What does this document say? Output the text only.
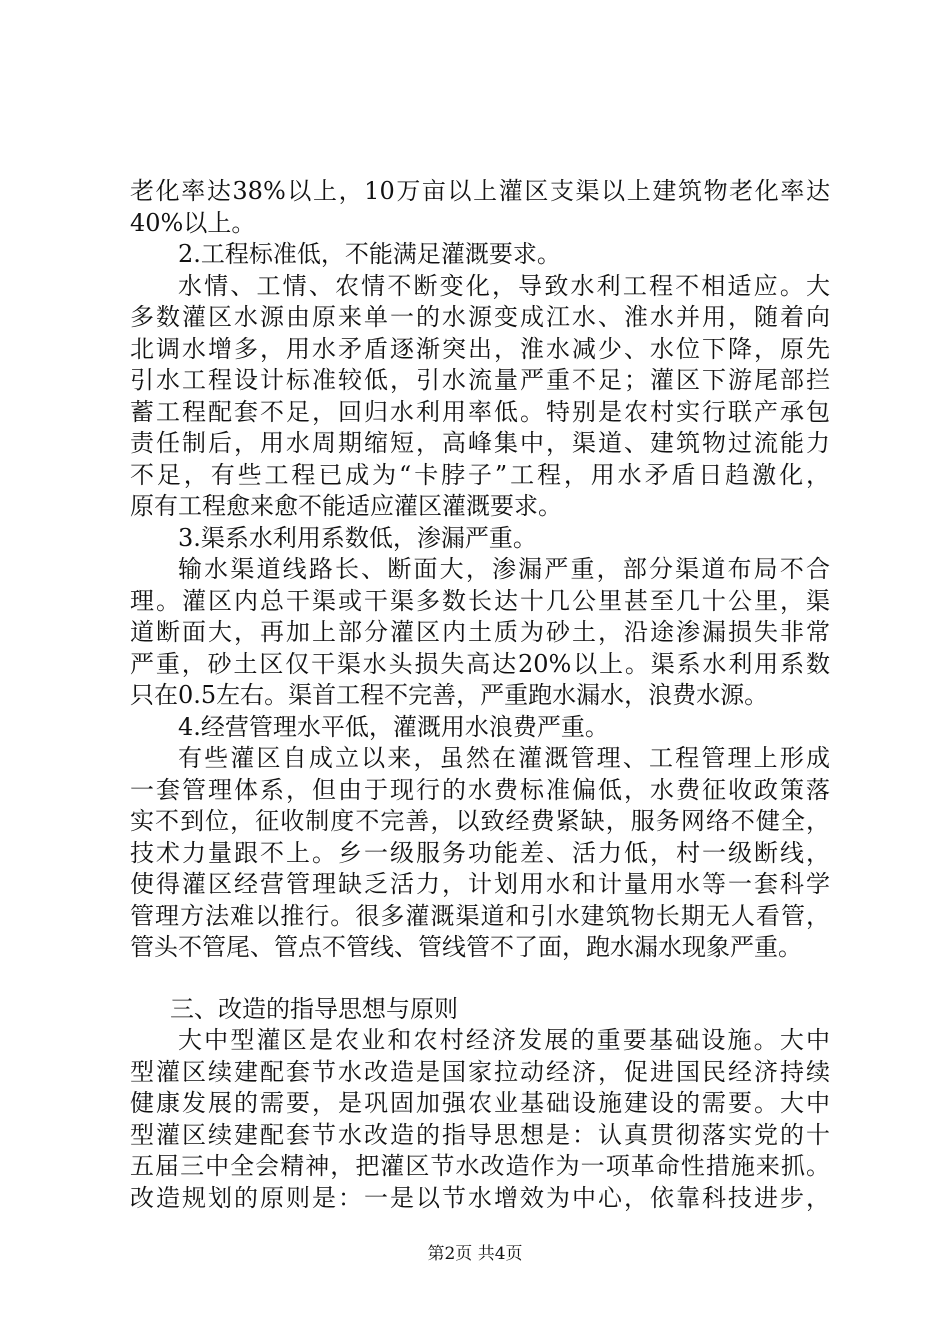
老化率达38%以上，10万亩以上灌区支渠以上建筑物老化率达
40%以上。
2.工程标准低，不能满足灌溉要求。
水情、工情、农情不断变化，导致水利工程不相适应。大
多数灌区水源由原来单一的水源变成江水、淮水并用，随着向
北调水增多，用水矛盾逐渐突出，淮水减少、水位下降，原先
引水工程设计标准较低，引水流量严重不足；灌区下游尾部拦
蓄工程配套不足，回归水利用率低。特别是农村实行联产承包
责任制后，用水周期缩短，高峰集中，渠道、建筑物过流能力
不足，有些工程已成为“卡脖子”工程，用水矛盾日趋激化，
原有工程愈来愈不能适应灌区灌溉要求。
3.渠系水利用系数低，渗漏严重。
输水渠道线路长、断面大，渗漏严重，部分渠道布局不合
理。灌区内总干渠或干渠多数长达十几公里甚至几十公里，渠
道断面大，再加上部分灌区内土质为砂土，沿途渗漏损失非常
严重，砂土区仅干渠水头损失高达20%以上。渠系水利用系数
只在0.5左右。渠首工程不完善，严重跑水漏水，浪费水源。
4.经营管理水平低，灌溉用水浪费严重。
有些灌区自成立以来，虽然在灌溉管理、工程管理上形成
一套管理体系，但由于现行的水费标准偏低，水费征收政策落
实不到位，征收制度不完善，以致经费紧缺，服务网络不健全，
技术力量跟不上。乡一级服务功能差、活力低，村一级断线，
使得灌区经营管理缺乏活力，计划用水和计量用水等一套科学
管理方法难以推行。很多灌溉渠道和引水建筑物长期无人看管，
管头不管尾、管点不管线、管线管不了面，跑水漏水现象严重。
三、改造的指导思想与原则
大中型灌区是农业和农村经济发展的重要基础设施。大中
型灌区续建配套节水改造是国家拉动经济，促进国民经济持续
健康发展的需要，是巩固加强农业基础设施建设的需要。大中
型灌区续建配套节水改造的指导思想是：认真贯彻落实党的十
五届三中全会精神，把灌区节水改造作为一项革命性措施来抓。
改造规划的原则是：一是以节水增效为中心，依靠科技进步，
第2页 共4页
